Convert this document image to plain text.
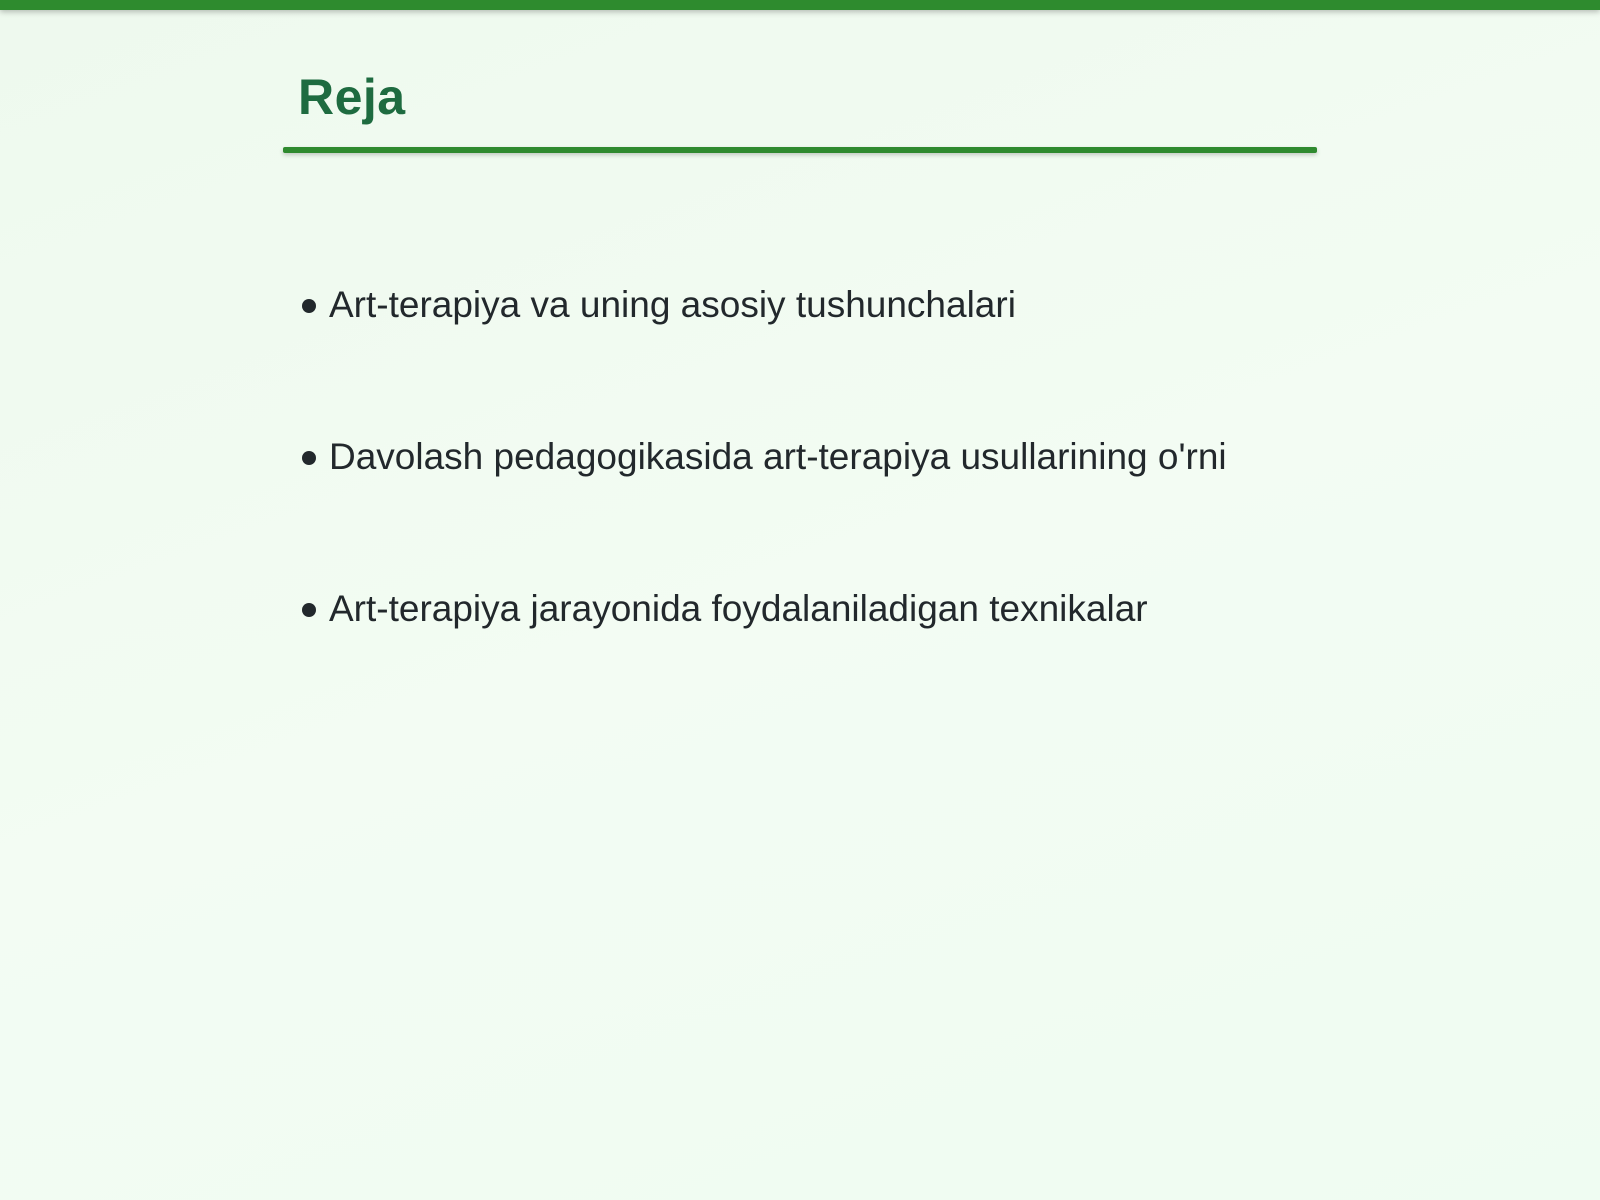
Reja
Art-terapiya va uning asosiy tushunchalari
Davolash pedagogikasida art-terapiya usullarining o'rni
Art-terapiya jarayonida foydalaniladigan texnikalar
